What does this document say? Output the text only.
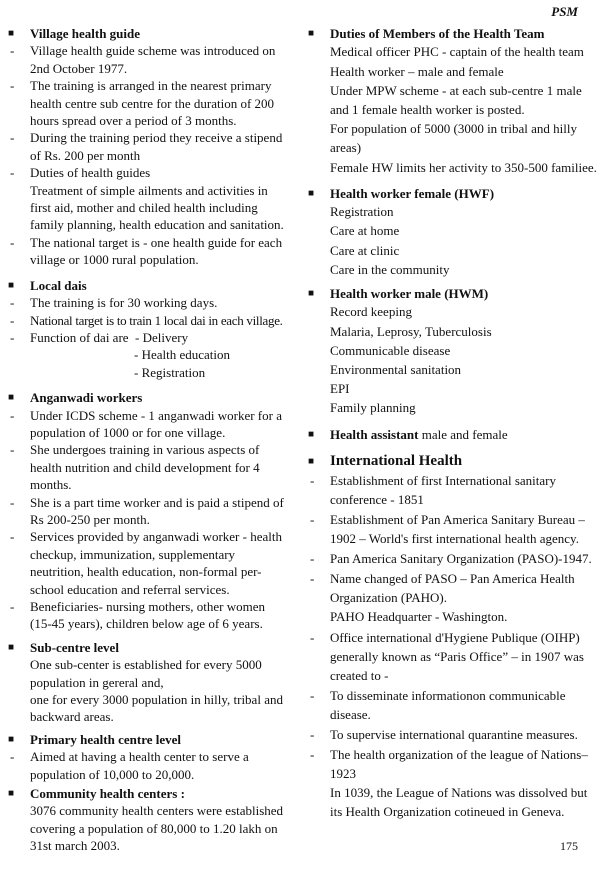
PSM
■	Village health guide
-	Village health guide scheme was introduced on 2nd October 1977.
-	The training is arranged in the nearest primary health centre sub centre for the duration of 200 hours spread over a period of 3 months.
-	During the training period they receive a stipend of Rs. 200 per month
-	Duties of health guides
Treatment of simple ailments and activities in first aid, mother and chiled health including family planning, health education and sanitation.
-	The national target is - one health guide for each village or 1000 rural population.
■	Local dais
-	The training is for 30 working days.
-	National target is to train 1 local dai in each village.
-	Function of dai are  - Delivery
- Health education
- Registration
■	Anganwadi workers
-	Under ICDS scheme - 1 anganwadi worker for a population of 1000 or for one village.
-	She undergoes training in various aspects of health nutrition and child development for 4 months.
-	She is a part time worker and is paid a stipend of Rs 200-250 per month.
-	Services provided by anganwadi worker - health checkup, immunization, supplementary neutrition, health education, non-formal per-school education and referral services.
-	Beneficiaries- nursing mothers, other women (15-45 years), children below age of 6 years.
■	Sub-centre level
One sub-center is established for every 5000 population in gereral and,
one for every 3000 population in hilly, tribal and backward areas.
■	Primary health centre level
-	Aimed at having a health center to serve a population of 10,000 to 20,000.
■	Community health centers :
3076 community health centers were established covering a population of 80,000 to 1.20 lakh on 31st march 2003.
■	Duties of Members of the Health Team
Medical officer PHC - captain of the health team
Health worker – male and female
Under MPW scheme - at each sub-centre 1 male and 1 female health worker is posted.
For population of 5000 (3000 in tribal and hilly areas)
Female HW limits her activity to 350-500 familiee.
■	Health worker female (HWF)
Registration
Care at home
Care at clinic
Care in the community
■	Health worker male (HWM)
Record keeping
Malaria, Leprosy, Tuberculosis
Communicable disease
Environmental sanitation
EPI
Family planning
■	Health assistant male and female
■	International Health
-	Establishment of first International sanitary conference - 1851
-	Establishment of Pan America Sanitary Bureau – 1902 – World's first international health agency.
-	Pan America Sanitary Organization (PASO)-1947.
-	Name changed of PASO – Pan America Health Organization (PAHO).
PAHO Headquarter - Washington.
-	Office international d'Hygiene Publique (OIHP) generally known as “Paris Office” – in 1907 was created to -
-	To disseminate informationon communicable disease.
-	To supervise international quarantine measures.
-	The health organization of the league of Nations– 1923
In 1039, the League of Nations was dissolved but its Health Organization cotineued in Geneva.
175
